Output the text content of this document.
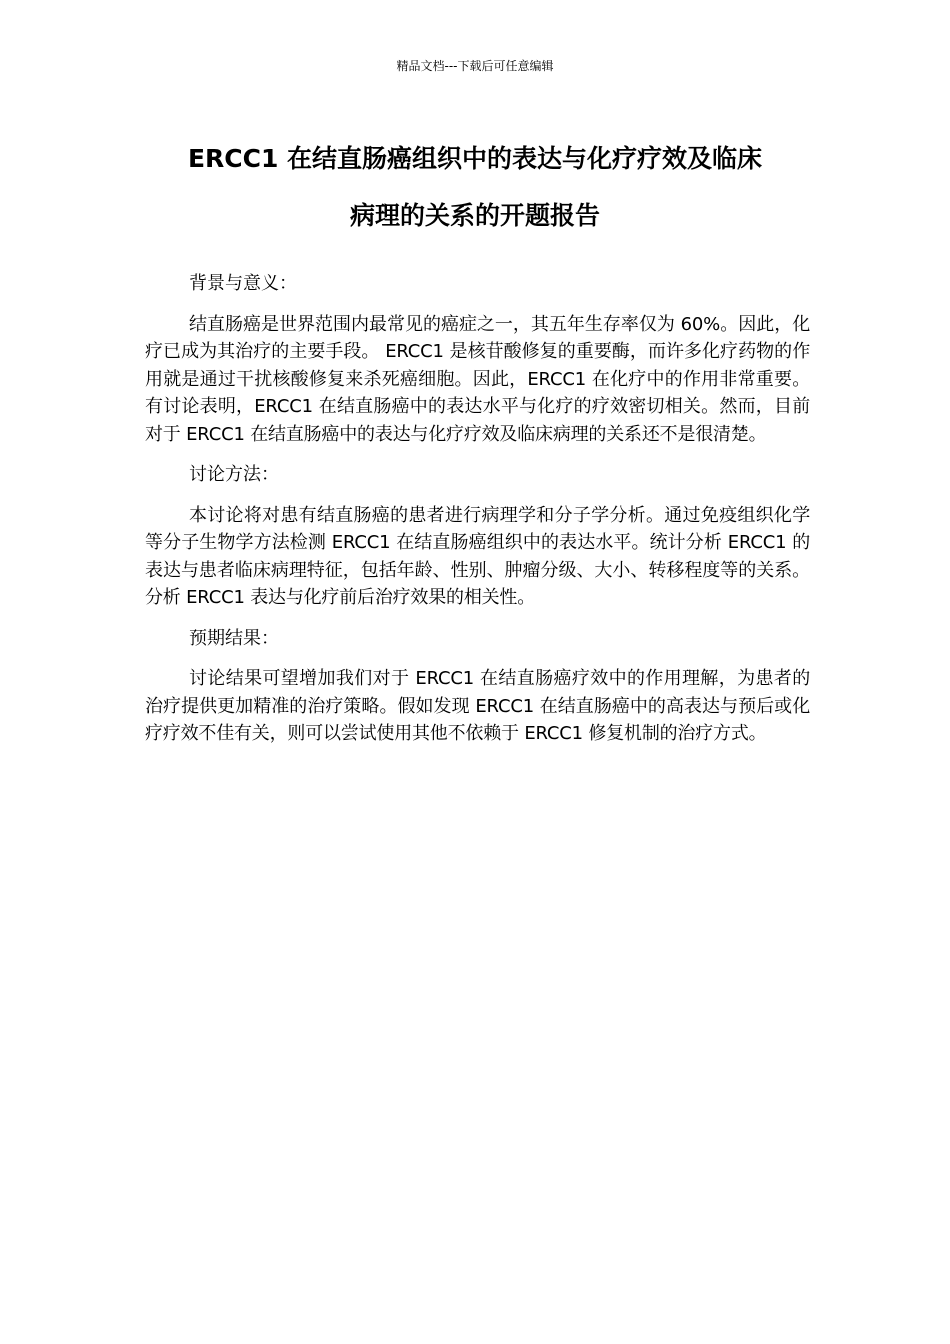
精品文档---下载后可任意编辑
ERCC1 在结直肠癌组织中的表达与化疗疗效及临床
病理的关系的开题报告

背景与意义：

结直肠癌是世界范围内最常见的癌症之一，其五年生存率仅为 60%。因此，化疗已成为其治疗的主要手段。 ERCC1 是核苷酸修复的重要酶，而许多化疗药物的作用就是通过干扰核酸修复来杀死癌细胞。因此，ERCC1 在化疗中的作用非常重要。有讨论表明，ERCC1 在结直肠癌中的表达水平与化疗的疗效密切相关。然而，目前对于 ERCC1 在结直肠癌中的表达与化疗疗效及临床病理的关系还不是很清楚。

讨论方法：

本讨论将对患有结直肠癌的患者进行病理学和分子学分析。通过免疫组织化学等分子生物学方法检测 ERCC1 在结直肠癌组织中的表达水平。统计分析 ERCC1 的表达与患者临床病理特征，包括年龄、性别、肿瘤分级、大小、转移程度等的关系。分析 ERCC1 表达与化疗前后治疗效果的相关性。

预期结果：

讨论结果可望增加我们对于 ERCC1 在结直肠癌疗效中的作用理解，为患者的治疗提供更加精准的治疗策略。假如发现 ERCC1 在结直肠癌中的高表达与预后或化疗疗效不佳有关，则可以尝试使用其他不依赖于 ERCC1 修复机制的治疗方式。
